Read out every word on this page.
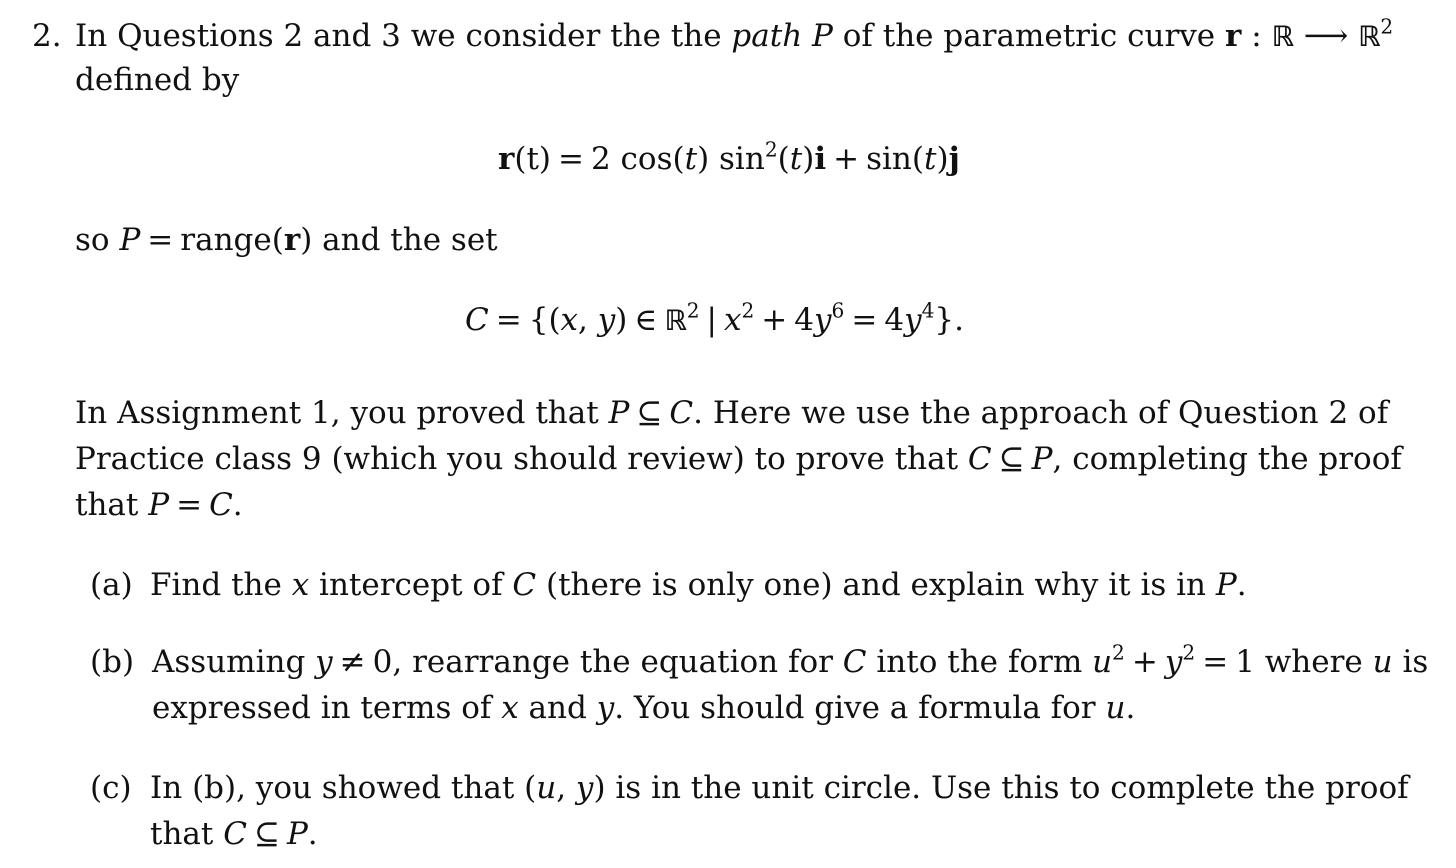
2. In Questions 2 and 3 we consider the the path P of the parametric curve r : ℝ ⟶ ℝ$^2$
defined by
r(t) = 2 cos(t) $\sin^2(t)i + \sin(t)j$
so P = range(r) and the set
C = {(x, y) ∈ ℝ$^2$ | $x^2 + 4y^6 = 4y^4$}.
In Assignment 1, you proved that P ⊆ C. Here we use the approach of Question 2 of
Practice class 9 (which you should review) to prove that C ⊆ P, completing the proof
that P = C.
(a) Find the x intercept of C (there is only one) and explain why it is in P.
(b) Assuming y ≠ 0, rearrange the equation for C into the form $u^2 + y^2 = 1$ where u is
expressed in terms of x and y. You should give a formula for u.
(c) In (b), you showed that (u, y) is in the unit circle. Use this to complete the proof
that C ⊆ P.
